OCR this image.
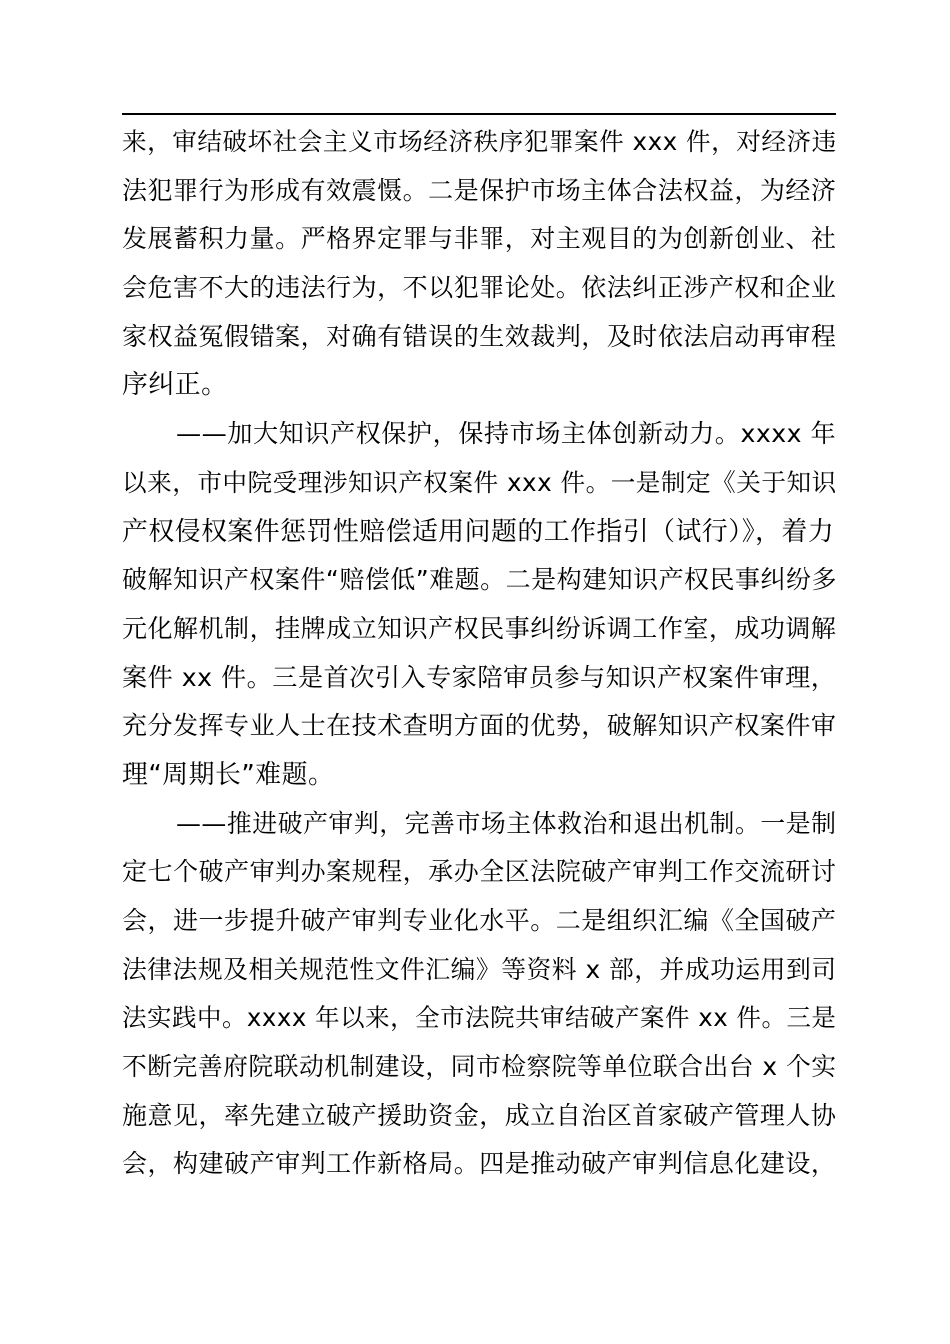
来，审结破坏社会主义市场经济秩序犯罪案件 xxx 件，对经济违
法犯罪行为形成有效震慑。二是保护市场主体合法权益，为经济
发展蓄积力量。严格界定罪与非罪，对主观目的为创新创业、社
会危害不大的违法行为，不以犯罪论处。依法纠正涉产权和企业
家权益冤假错案，对确有错误的生效裁判，及时依法启动再审程
序纠正。
——加大知识产权保护，保持市场主体创新动力。xxxx 年
以来，市中院受理涉知识产权案件 xxx 件。一是制定《关于知识
产权侵权案件惩罚性赔偿适用问题的工作指引（试行）》，着力
破解知识产权案件“赔偿低”难题。二是构建知识产权民事纠纷多
元化解机制，挂牌成立知识产权民事纠纷诉调工作室，成功调解
案件 xx 件。三是首次引入专家陪审员参与知识产权案件审理，
充分发挥专业人士在技术查明方面的优势，破解知识产权案件审
理“周期长”难题。
——推进破产审判，完善市场主体救治和退出机制。一是制
定七个破产审判办案规程，承办全区法院破产审判工作交流研讨
会，进一步提升破产审判专业化水平。二是组织汇编《全国破产
法律法规及相关规范性文件汇编》等资料 x 部，并成功运用到司
法实践中。xxxx 年以来，全市法院共审结破产案件 xx 件。三是
不断完善府院联动机制建设，同市检察院等单位联合出台 x 个实
施意见，率先建立破产援助资金，成立自治区首家破产管理人协
会，构建破产审判工作新格局。四是推动破产审判信息化建设，
